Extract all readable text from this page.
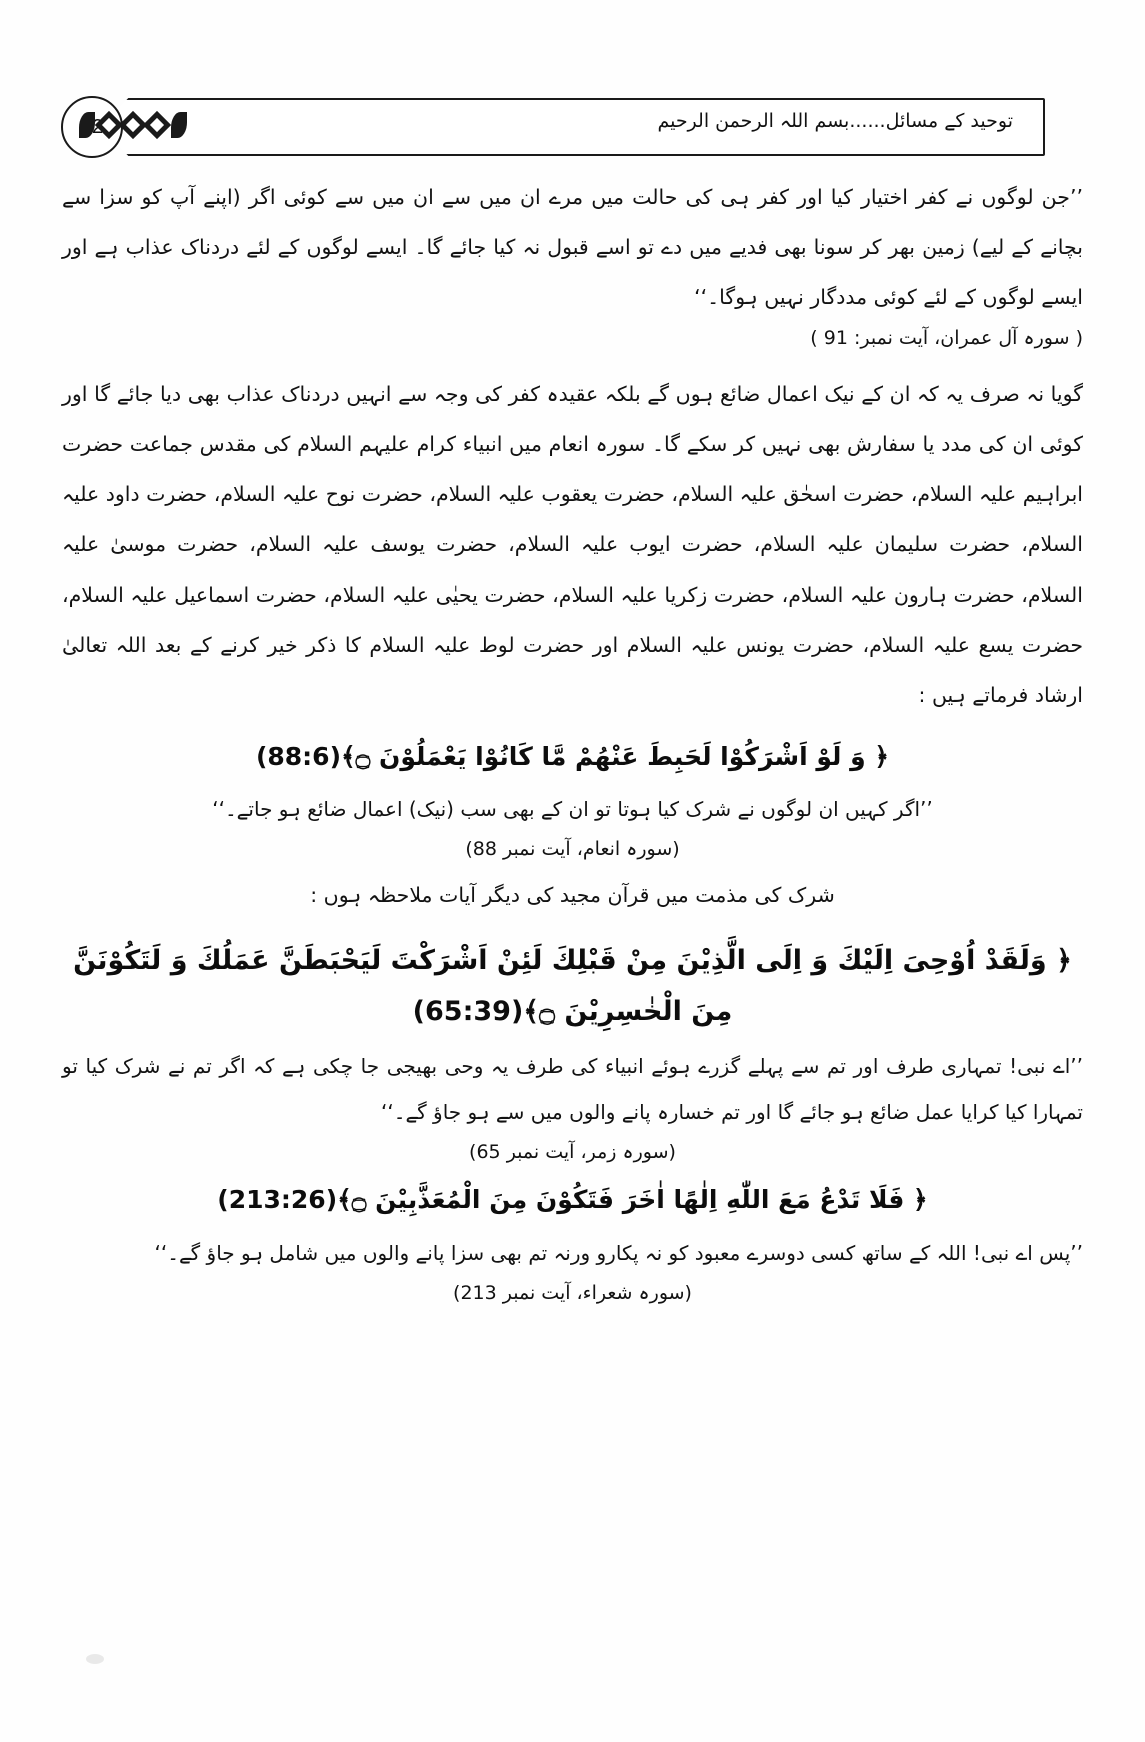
توحید کے مسائل......بسم اللہ الرحمن الرحیم

’’جن لوگوں نے کفر اختیار کیا اور کفر ہی کی حالت میں مرے ان میں سے ان میں سے کوئی اگر (اپنے آپ کو سزا سے بچانے کے لیے) زمین بھر کر سونا بھی فدیے میں دے تو اسے قبول نہ کیا جائے گا۔ ایسے لوگوں کے لئے دردناک عذاب ہے اور ایسے لوگوں کے لئے کوئی مددگار نہیں ہوگا۔‘‘

( سورہ آل عمران، آیت نمبر: 91 )

گویا نہ صرف یہ کہ ان کے نیک اعمال ضائع ہوں گے بلکہ عقیدہ کفر کی وجہ سے انہیں دردناک عذاب بھی دیا جائے گا اور کوئی ان کی مدد یا سفارش بھی نہیں کر سکے گا۔ سورہ انعام میں انبیاء کرام علیہم السلام کی مقدس جماعت حضرت ابراہیم علیہ السلام، حضرت اسحٰق علیہ السلام، حضرت یعقوب علیہ السلام، حضرت نوح علیہ السلام، حضرت داود علیہ السلام، حضرت سلیمان علیہ السلام، حضرت ایوب علیہ السلام، حضرت یوسف علیہ السلام، حضرت موسیٰ علیہ السلام، حضرت ہارون علیہ السلام، حضرت زکریا علیہ السلام، حضرت یحیٰی علیہ السلام، حضرت اسماعیل علیہ السلام، حضرت یسع علیہ السلام، حضرت یونس علیہ السلام اور حضرت لوط علیہ السلام کا ذکر خیر کرنے کے بعد اللہ تعالیٰ ارشاد فرماتے ہیں :

﴿ وَ لَوْ اَشْرَكُوْا لَحَبِطَ عَنْهُمْ مَّا كَانُوْا يَعْمَلُوْنَ ۝﴾(88:6)

’’اگر کہیں ان لوگوں نے شرک کیا ہوتا تو ان کے بھی سب (نیک) اعمال ضائع ہو جاتے۔‘‘

(سورہ انعام، آیت نمبر 88)

شرک کی مذمت میں قرآن مجید کی دیگر آیات ملاحظہ ہوں :

﴿ وَلَقَدْ اُوْحِىَ اِلَيْكَ وَ اِلَى الَّذِيْنَ مِنْ قَبْلِكَ لَئِنْ اَشْرَكْتَ لَيَحْبَطَنَّ عَمَلُكَ وَ لَتَكُوْنَنَّ مِنَ الْخٰسِرِيْنَ ۝﴾(65:39)

’’اے نبی! تمہاری طرف اور تم سے پہلے گزرے ہوئے انبیاء کی طرف یہ وحی بھیجی جا چکی ہے کہ اگر تم نے شرک کیا تو تمہارا کیا کرایا عمل ضائع ہو جائے گا اور تم خسارہ پانے والوں میں سے ہو جاؤ گے۔‘‘

(سورہ زمر، آیت نمبر 65)

﴿ فَلَا تَدْعُ مَعَ اللّٰهِ اِلٰهًا اٰخَرَ فَتَكُوْنَ مِنَ الْمُعَذَّبِيْنَ ۝﴾(213:26)

’’پس اے نبی! اللہ کے ساتھ کسی دوسرے معبود کو نہ پکارو ورنہ تم بھی سزا پانے والوں میں شامل ہو جاؤ گے۔‘‘

(سورہ شعراء، آیت نمبر 213)
